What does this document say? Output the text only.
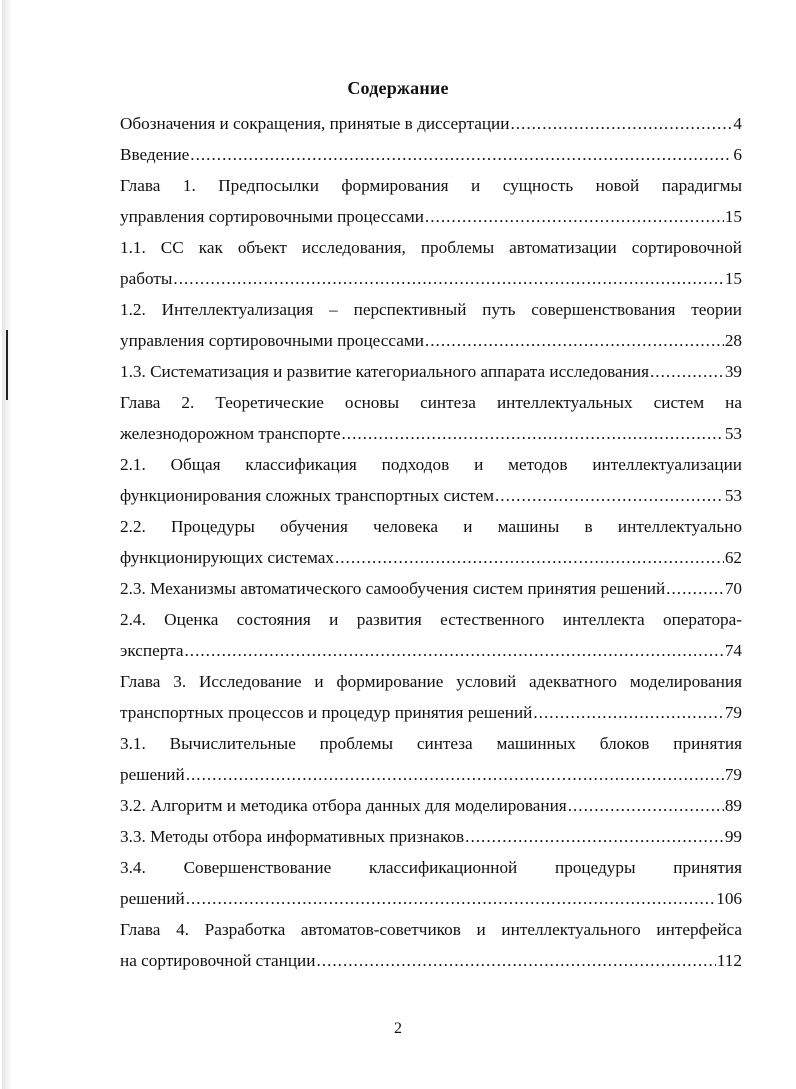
Содержание
Обозначения и сокращения, принятые в диссертации .....	4
Введение .....	6
Глава 1. Предпосылки формирования и сущность новой парадигмы
управления сортировочными процессами .....	15
1.1. СС как объект исследования, проблемы автоматизации сортировочной
работы .....	15
1.2. Интеллектуализация – перспективный путь совершенствования теории
управления сортировочными процессами .....	28
1.3. Систематизация и развитие категориального аппарата исследования .....	39
Глава 2. Теоретические основы синтеза интеллектуальных систем на
железнодорожном транспорте .....	53
2.1. Общая классификация подходов и методов интеллектуализации
функционирования сложных транспортных систем .....	53
2.2. Процедуры обучения человека и машины в интеллектуально
функционирующих системах .....	62
2.3. Механизмы автоматического самообучения систем принятия решений .....	70
2.4. Оценка состояния и развития естественного интеллекта оператора-
эксперта .....	74
Глава 3. Исследование и формирование условий адекватного моделирования
транспортных процессов и процедур принятия решений .....	79
3.1. Вычислительные проблемы синтеза машинных блоков принятия
решений .....	79
3.2. Алгоритм и методика отбора данных для моделирования .....	89
3.3. Методы отбора информативных признаков .....	99
3.4. Совершенствование классификационной процедуры принятия
решений .....	106
Глава 4. Разработка автоматов-советчиков и интеллектуального интерфейса
на сортировочной станции .....	112
2
